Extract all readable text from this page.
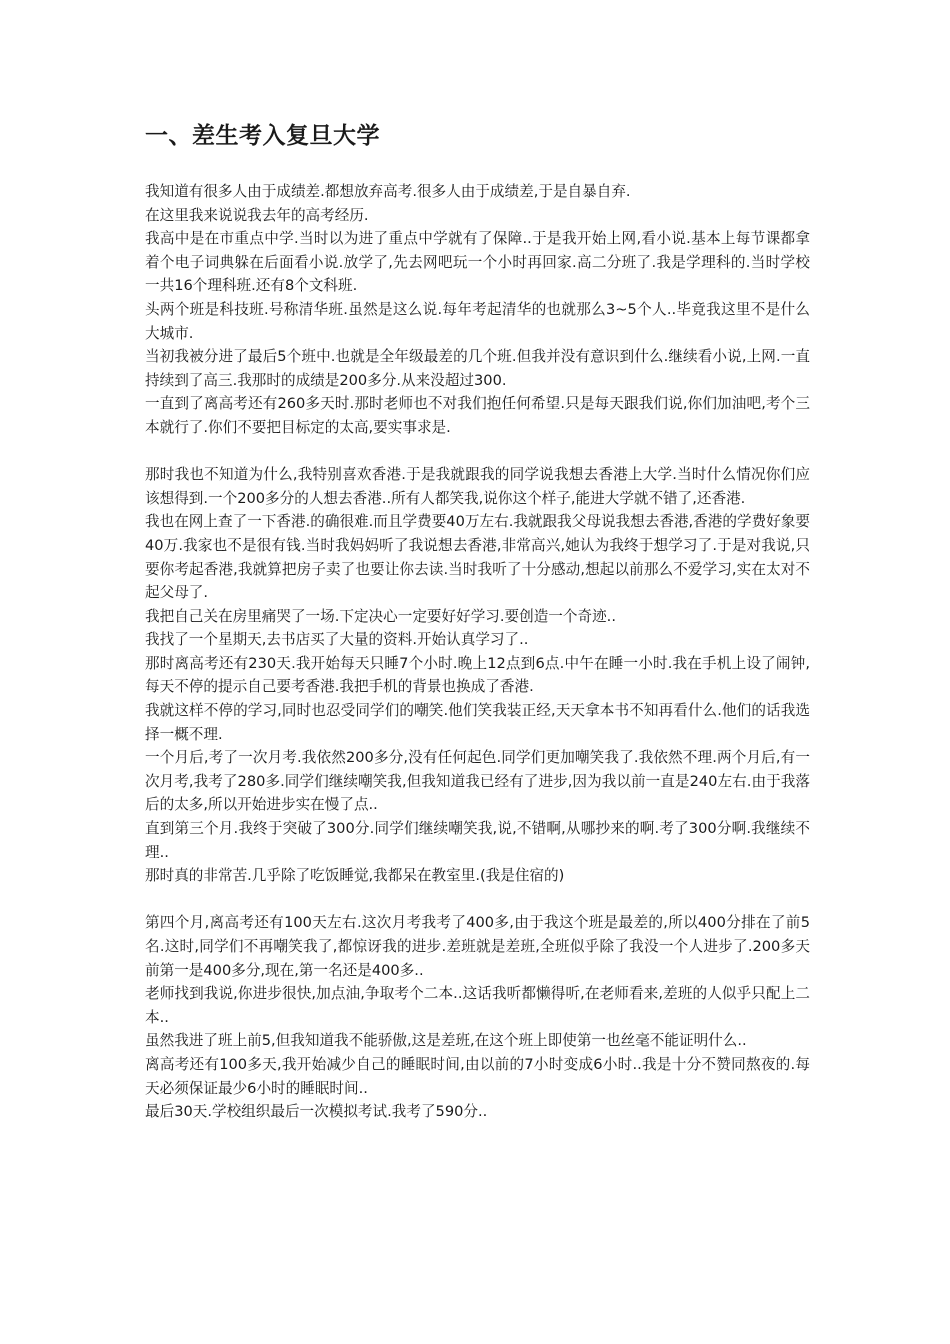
一、差生考入复旦大学

我知道有很多人由于成绩差.都想放弃高考.很多人由于成绩差,于是自暴自弃.

在这里我来说说我去年的高考经历.

我高中是在市重点中学.当时以为进了重点中学就有了保障..于是我开始上网,看小说.基本上每节课都拿着个电子词典躲在后面看小说.放学了,先去网吧玩一个小时再回家.高二分班了.我是学理科的.当时学校一共16个理科班.还有8个文科班.

头两个班是科技班.号称清华班.虽然是这么说.每年考起清华的也就那么3~5个人..毕竟我这里不是什么大城市.

当初我被分进了最后5个班中.也就是全年级最差的几个班.但我并没有意识到什么.继续看小说,上网.一直持续到了高三.我那时的成绩是200多分.从来没超过300.

一直到了离高考还有260多天时.那时老师也不对我们抱任何希望.只是每天跟我们说,你们加油吧,考个三本就行了.你们不要把目标定的太高,要实事求是.

那时我也不知道为什么,我特别喜欢香港.于是我就跟我的同学说我想去香港上大学.当时什么情况你们应该想得到.一个200多分的人想去香港..所有人都笑我,说你这个样子,能进大学就不错了,还香港.

我也在网上查了一下香港.的确很难.而且学费要40万左右.我就跟我父母说我想去香港,香港的学费好象要40万.我家也不是很有钱.当时我妈妈听了我说想去香港,非常高兴,她认为我终于想学习了.于是对我说,只要你考起香港,我就算把房子卖了也要让你去读.当时我听了十分感动,想起以前那么不爱学习,实在太对不起父母了.

我把自己关在房里痛哭了一场.下定决心一定要好好学习.要创造一个奇迹..

我找了一个星期天,去书店买了大量的资料.开始认真学习了..

那时离高考还有230天.我开始每天只睡7个小时.晚上12点到6点.中午在睡一小时.我在手机上设了闹钟,每天不停的提示自己要考香港.我把手机的背景也换成了香港.

我就这样不停的学习,同时也忍受同学们的嘲笑.他们笑我装正经,天天拿本书不知再看什么.他们的话我选择一概不理.

一个月后,考了一次月考.我依然200多分,没有任何起色.同学们更加嘲笑我了.我依然不理.两个月后,有一次月考,我考了280多.同学们继续嘲笑我,但我知道我已经有了进步,因为我以前一直是240左右.由于我落后的太多,所以开始进步实在慢了点..

直到第三个月.我终于突破了300分.同学们继续嘲笑我,说,不错啊,从哪抄来的啊.考了300分啊.我继续不理..

那时真的非常苦.几乎除了吃饭睡觉,我都呆在教室里.(我是住宿的)

第四个月,离高考还有100天左右.这次月考我考了400多,由于我这个班是最差的,所以400分排在了前5名.这时,同学们不再嘲笑我了,都惊讶我的进步.差班就是差班,全班似乎除了我没一个人进步了.200多天前第一是400多分,现在,第一名还是400多..

老师找到我说,你进步很快,加点油,争取考个二本..这话我听都懒得听,在老师看来,差班的人似乎只配上二本..

虽然我进了班上前5,但我知道我不能骄傲,这是差班,在这个班上即使第一也丝毫不能证明什么..

离高考还有100多天,我开始减少自己的睡眠时间,由以前的7小时变成6小时..我是十分不赞同熬夜的.每天必须保证最少6小时的睡眠时间..

最后30天.学校组织最后一次模拟考试.我考了590分..
